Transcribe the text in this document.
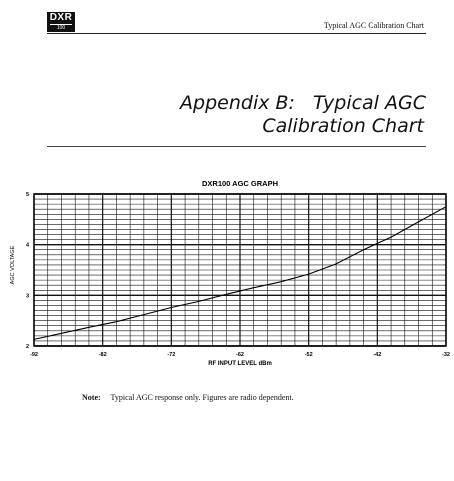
DXR
100	Typical AGC Calibration Chart
Appendix B:   Typical AGC
Calibration Chart
DXR100 AGC GRAPH
AGC VOLTAGE
RF INPUT LEVEL dBm
-92	-82	-72	-62	-52	-42	-32
2
3
4
5
Note: Typical AGC response only. Figures are radio dependent.
